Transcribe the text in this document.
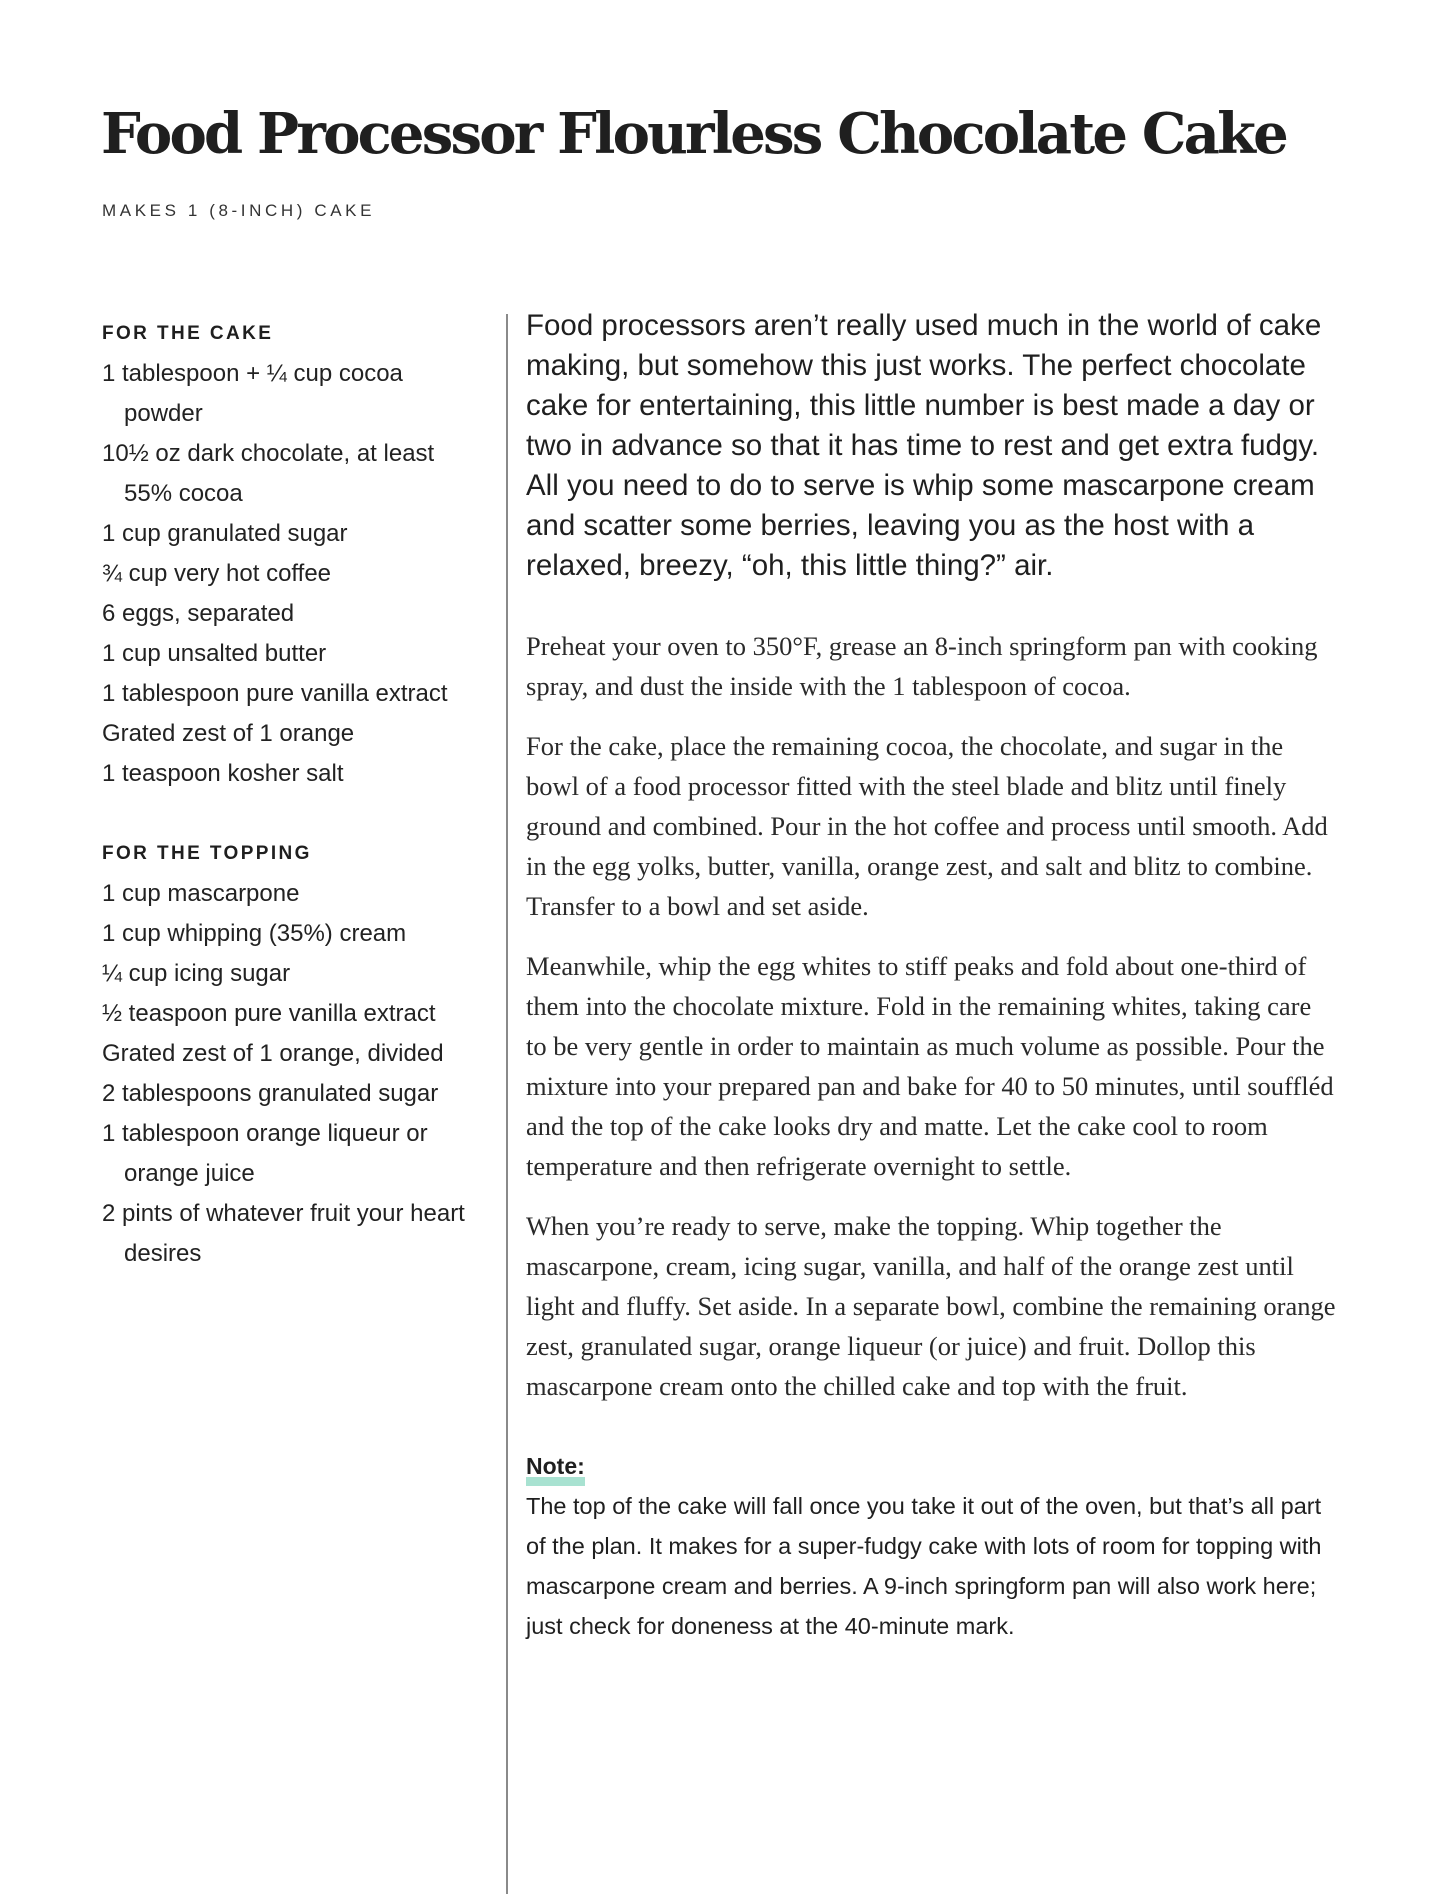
Food Processor Flourless Chocolate Cake
MAKES 1 (8-INCH) CAKE
FOR THE CAKE
1 tablespoon + ¼ cup cocoa powder
10½ oz dark chocolate, at least 55% cocoa
1 cup granulated sugar
¾ cup very hot coffee
6 eggs, separated
1 cup unsalted butter
1 tablespoon pure vanilla extract
Grated zest of 1 orange
1 teaspoon kosher salt
FOR THE TOPPING
1 cup mascarpone
1 cup whipping (35%) cream
¼ cup icing sugar
½ teaspoon pure vanilla extract
Grated zest of 1 orange, divided
2 tablespoons granulated sugar
1 tablespoon orange liqueur or orange juice
2 pints of whatever fruit your heart desires

Food processors aren’t really used much in the world of cake making, but somehow this just works. The perfect chocolate cake for entertaining, this little number is best made a day or two in advance so that it has time to rest and get extra fudgy. All you need to do to serve is whip some mascarpone cream and scatter some berries, leaving you as the host with a relaxed, breezy, “oh, this little thing?” air.

Preheat your oven to 350°F, grease an 8-inch springform pan with cooking spray, and dust the inside with the 1 tablespoon of cocoa.

For the cake, place the remaining cocoa, the chocolate, and sugar in the bowl of a food processor fitted with the steel blade and blitz until finely ground and combined. Pour in the hot coffee and process until smooth. Add in the egg yolks, butter, vanilla, orange zest, and salt and blitz to combine. Transfer to a bowl and set aside.

Meanwhile, whip the egg whites to stiff peaks and fold about one-third of them into the chocolate mixture. Fold in the remaining whites, taking care to be very gentle in order to maintain as much volume as possible. Pour the mixture into your prepared pan and bake for 40 to 50 minutes, until souffléd and the top of the cake looks dry and matte. Let the cake cool to room temperature and then refrigerate overnight to settle.

When you’re ready to serve, make the topping. Whip together the mascarpone, cream, icing sugar, vanilla, and half of the orange zest until light and fluffy. Set aside. In a separate bowl, combine the remaining orange zest, granulated sugar, orange liqueur (or juice) and fruit. Dollop this mascarpone cream onto the chilled cake and top with the fruit.

Note:

The top of the cake will fall once you take it out of the oven, but that’s all part of the plan. It makes for a super-fudgy cake with lots of room for topping with mascarpone cream and berries. A 9-inch springform pan will also work here; just check for doneness at the 40-minute mark.
